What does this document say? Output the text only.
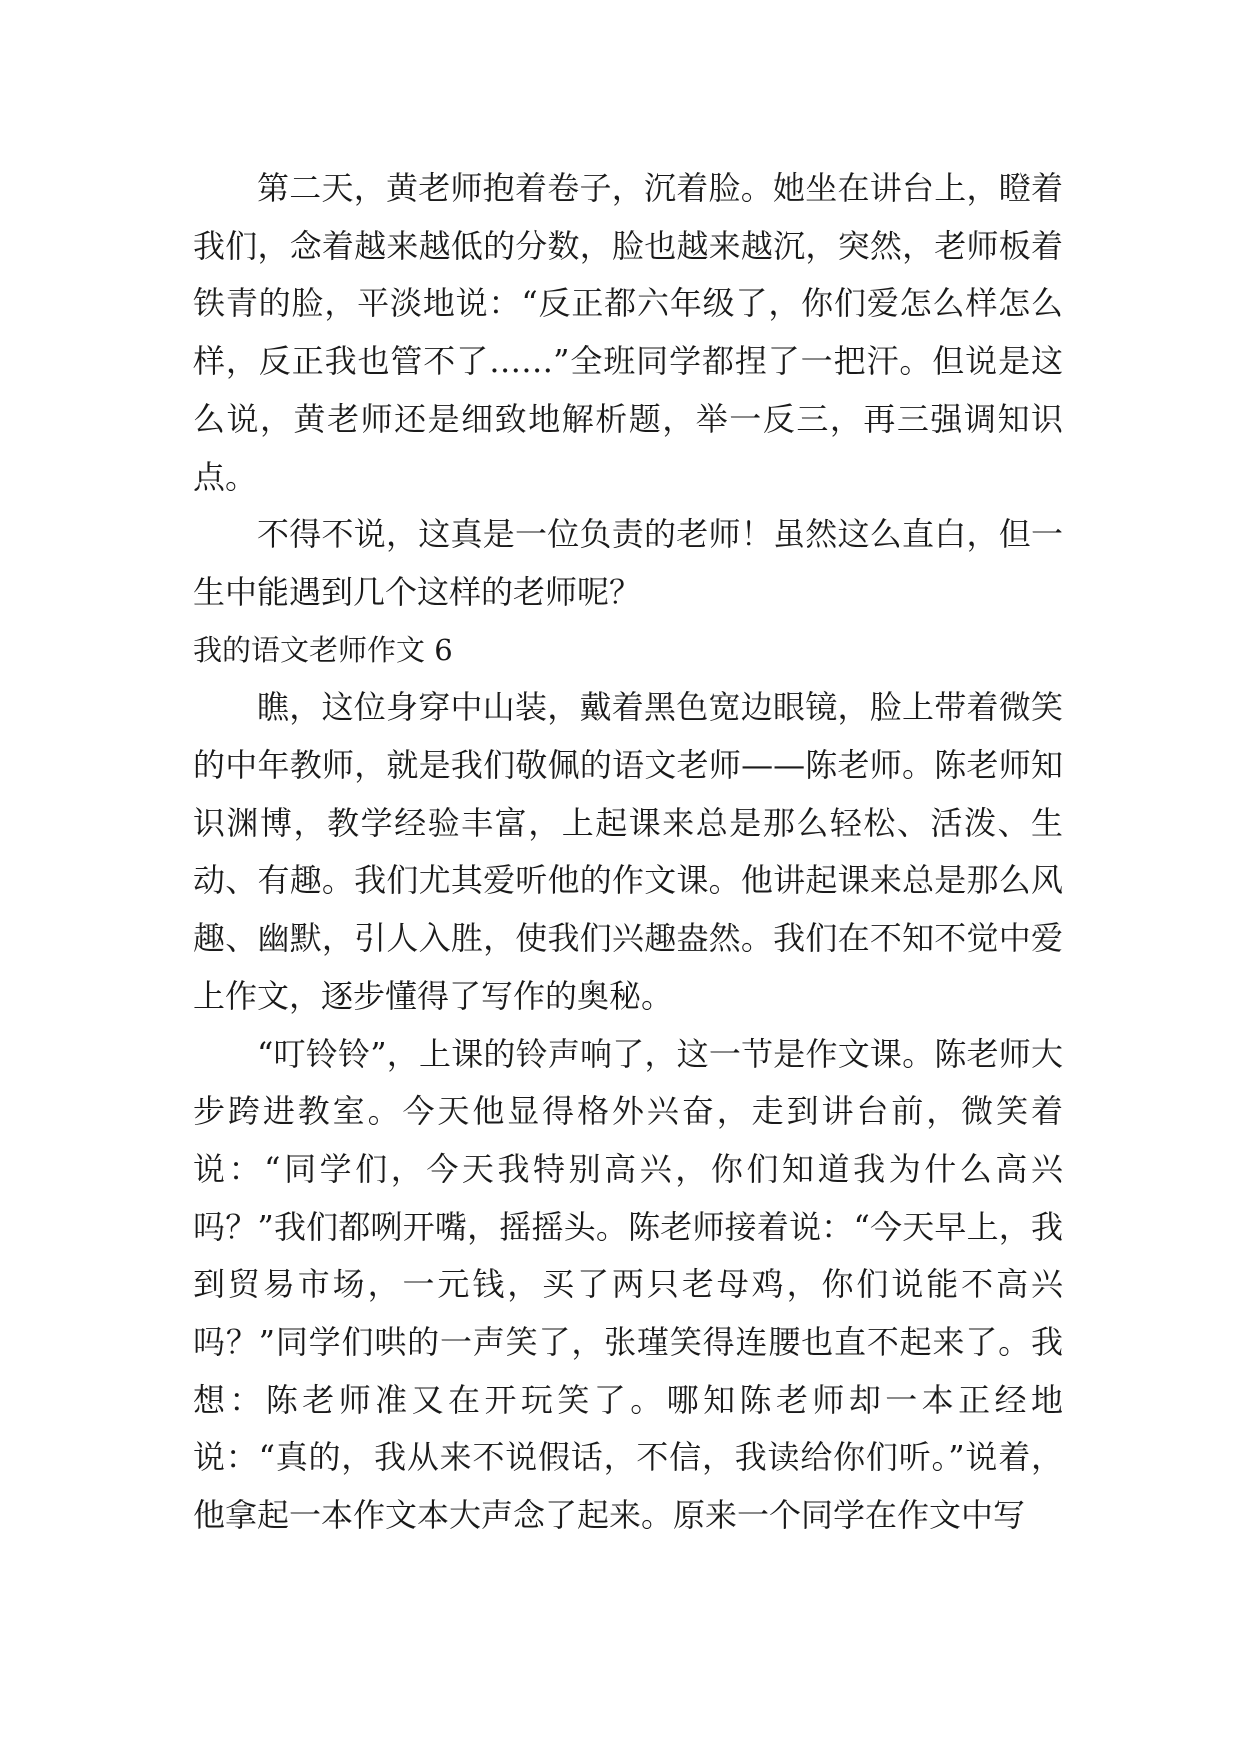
第二天，黄老师抱着卷子，沉着脸。她坐在讲台上，瞪着我们，念着越来越低的分数，脸也越来越沉，突然，老师板着铁青的脸，平淡地说：“反正都六年级了，你们爱怎么样怎么样，反正我也管不了……”全班同学都捏了一把汗。但说是这么说，黄老师还是细致地解析题，举一反三，再三强调知识点。

不得不说，这真是一位负责的老师！虽然这么直白，但一生中能遇到几个这样的老师呢？

我的语文老师作文 6

瞧，这位身穿中山装，戴着黑色宽边眼镜，脸上带着微笑的中年教师，就是我们敬佩的语文老师——陈老师。陈老师知识渊博，教学经验丰富，上起课来总是那么轻松、活泼、生动、有趣。我们尤其爱听他的作文课。他讲起课来总是那么风趣、幽默，引人入胜，使我们兴趣盎然。我们在不知不觉中爱上作文，逐步懂得了写作的奥秘。

“叮铃铃”，上课的铃声响了，这一节是作文课。陈老师大步跨进教室。今天他显得格外兴奋，走到讲台前，微笑着说：“同学们，今天我特别高兴，你们知道我为什么高兴吗？”我们都咧开嘴，摇摇头。陈老师接着说：“今天早上，我到贸易市场，一元钱，买了两只老母鸡，你们说能不高兴吗？”同学们哄的一声笑了，张瑾笑得连腰也直不起来了。我想：陈老师准又在开玩笑了。哪知陈老师却一本正经地说：“真的，我从来不说假话，不信，我读给你们听。”说着，他拿起一本作文本大声念了起来。原来一个同学在作文中写
